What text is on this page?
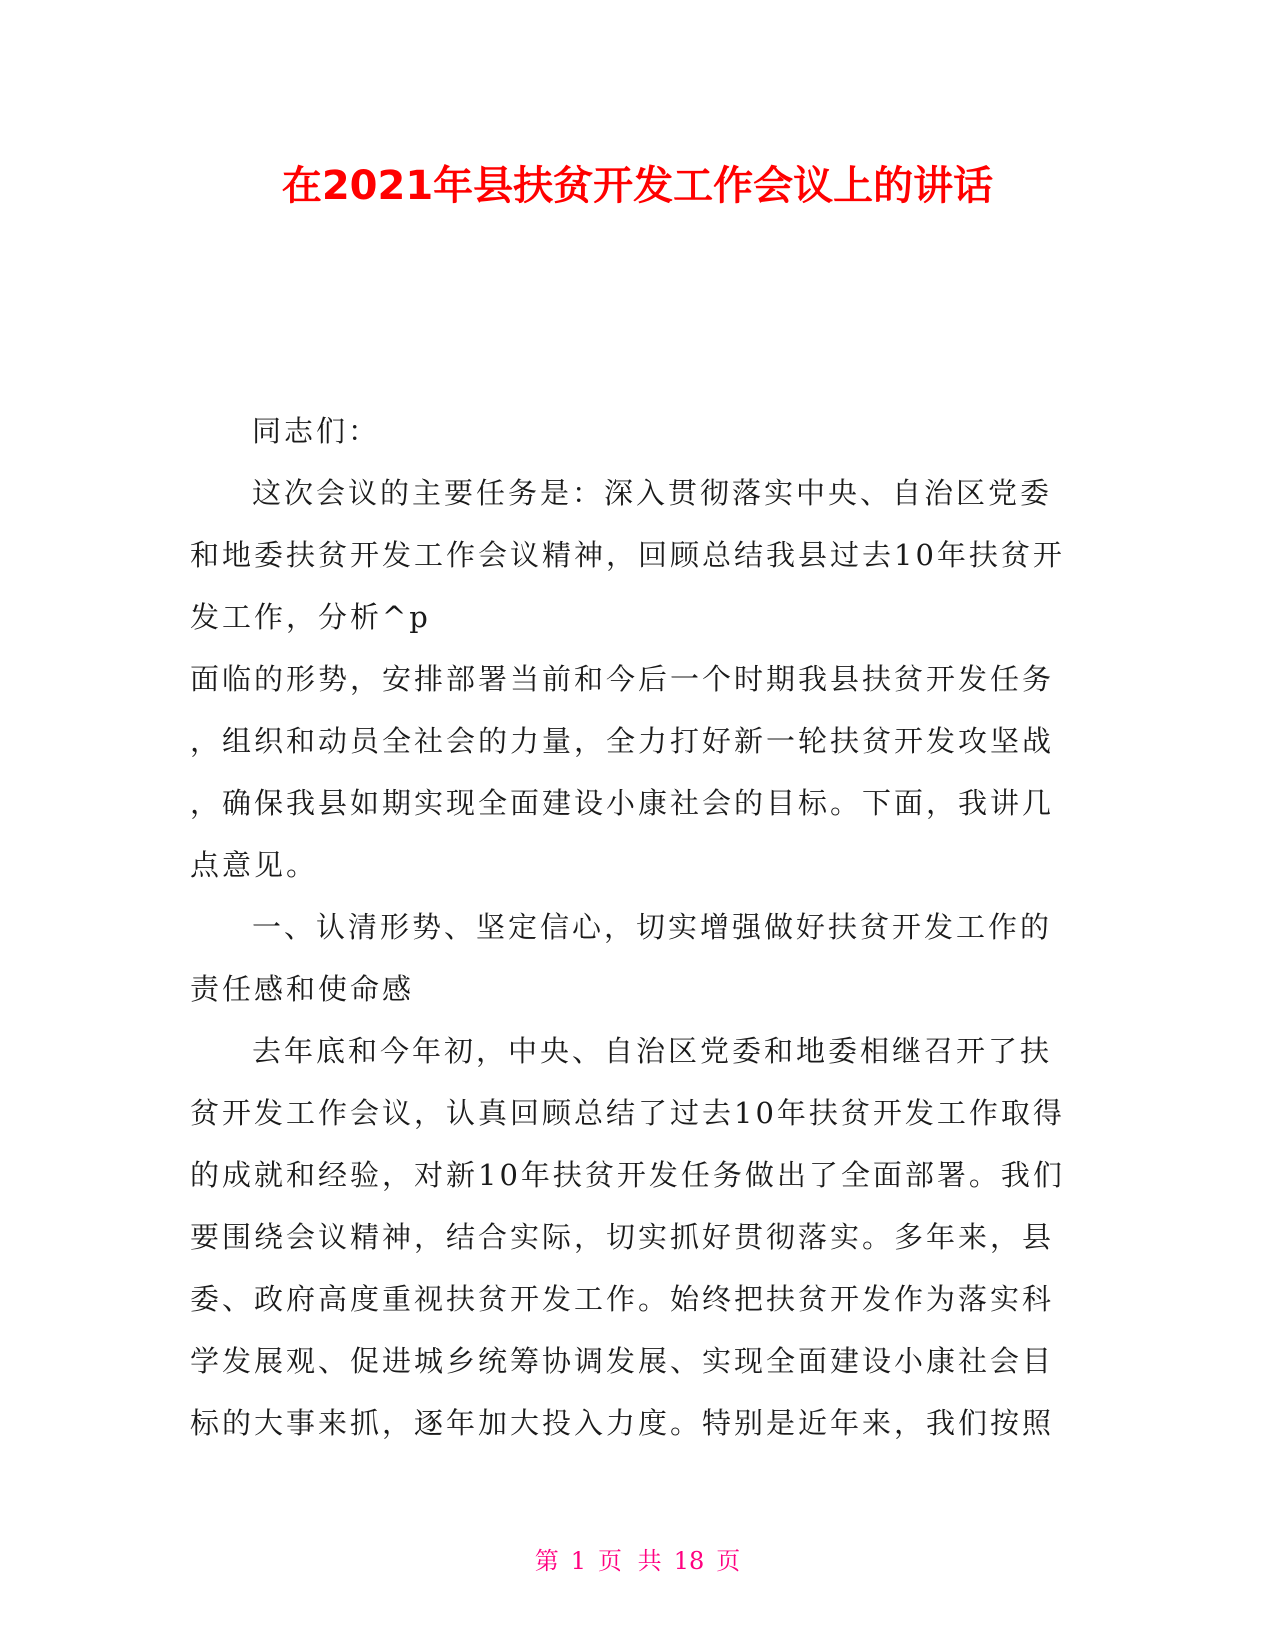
在2021年县扶贫开发工作会议上的讲话
同志们：
这次会议的主要任务是：深入贯彻落实中央、自治区党委
和地委扶贫开发工作会议精神，回顾总结我县过去10年扶贫开
发工作，分析^p
面临的形势，安排部署当前和今后一个时期我县扶贫开发任务
，组织和动员全社会的力量，全力打好新一轮扶贫开发攻坚战
，确保我县如期实现全面建设小康社会的目标。下面，我讲几
点意见。
一、认清形势、坚定信心，切实增强做好扶贫开发工作的
责任感和使命感
去年底和今年初，中央、自治区党委和地委相继召开了扶
贫开发工作会议，认真回顾总结了过去10年扶贫开发工作取得
的成就和经验，对新10年扶贫开发任务做出了全面部署。我们
要围绕会议精神，结合实际，切实抓好贯彻落实。多年来，县
委、政府高度重视扶贫开发工作。始终把扶贫开发作为落实科
学发展观、促进城乡统筹协调发展、实现全面建设小康社会目
标的大事来抓，逐年加大投入力度。特别是近年来，我们按照
第 1 页 共 18 页
